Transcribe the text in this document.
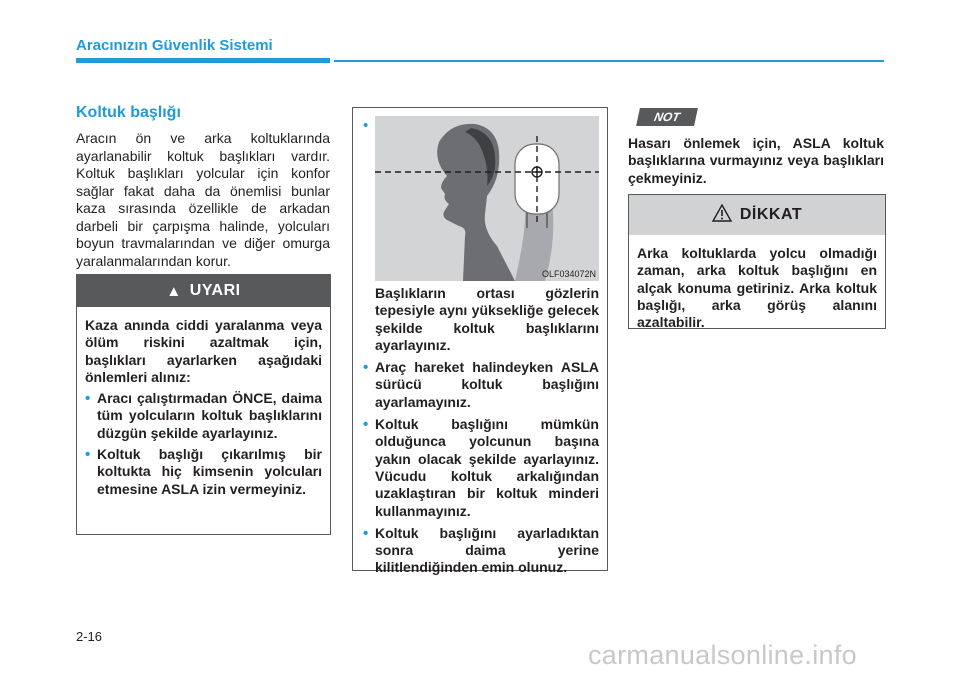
Aracınızın Güvenlik Sistemi
Koltuk başlığı

Aracın ön ve arka koltuklarında ayarlanabilir koltuk başlıkları vardır. Koltuk başlıkları yolcular için konfor sağlar fakat daha da önemlisi bunlar kaza sırasında özellikle de arkadan darbeli bir çarpışma halinde, yolcuları boyun travmalarından ve diğer omurga yaralanmalarından korur.

▲ UYARI

Kaza anında ciddi yaralanma veya ölüm riskini azaltmak için, başlıkları ayarlarken aşağıdaki önlemleri alınız:

• Aracı çalıştırmadan ÖNCE, daima tüm yolcuların koltuk başlıklarını düzgün şekilde ayarlayınız.
• Koltuk başlığı çıkarılmış bir koltukta hiç kimsenin yolcuları etmesine ASLA izin vermeyiniz.
•
OLF034072N

Başlıkların ortası gözlerin tepesiyle aynı yüksekliğe gelecek şekilde koltuk başlıklarını ayarlayınız.

• Araç hareket halindeyken ASLA sürücü koltuk başlığını ayarlamayınız.
• Koltuk başlığını mümkün olduğunca yolcunun başına yakın olacak şekilde ayarlayınız. Vücudu koltuk arkalığından uzaklaştıran bir koltuk minderi kullanmayınız.
• Koltuk başlığını ayarladıktan sonra daima yerine kilitlendiğinden emin olunuz.
NOT

Hasarı önlemek için, ASLA koltuk başlıklarına vurmayınız veya başlıkları çekmeyiniz.

DİKKAT

Arka koltuklarda yolcu olmadığı zaman, arka koltuk başlığını en alçak konuma getiriniz. Arka koltuk başlığı, arka görüş alanını azaltabilir.

2-16

carmanualsonline.info
